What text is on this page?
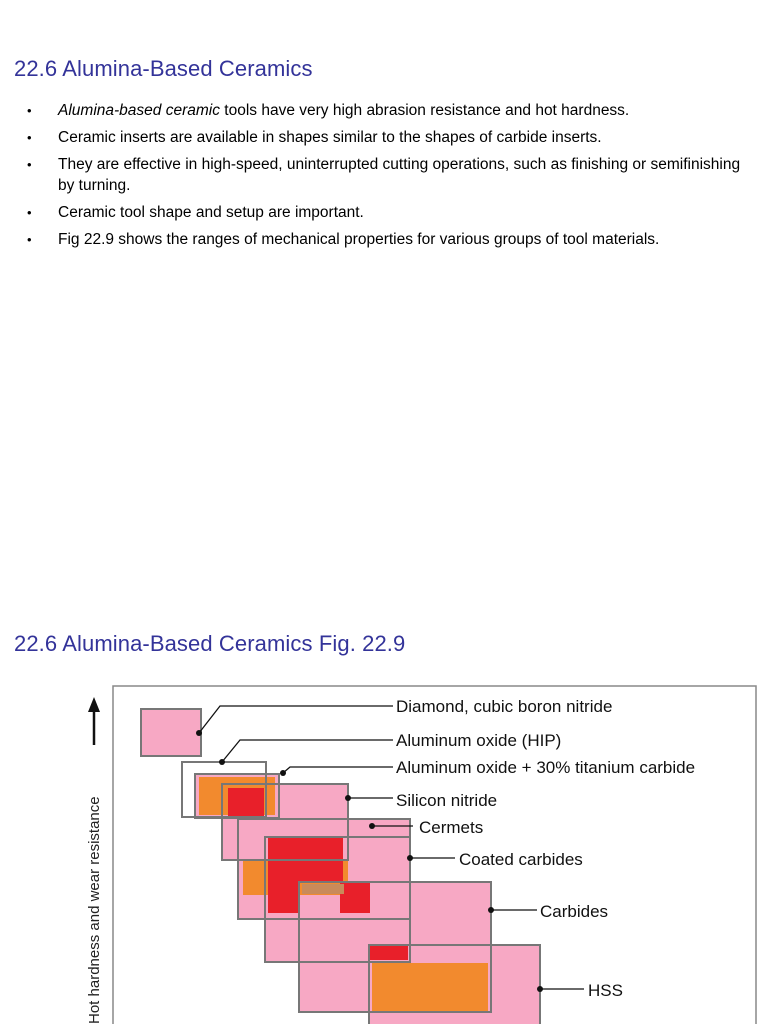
22.6 Alumina-Based Ceramics
• Alumina-based ceramic tools have very high abrasion resistance and hot hardness.
• Ceramic inserts are available in shapes similar to the shapes of carbide inserts.
• They are effective in high-speed, uninterrupted cutting operations, such as finishing or semifinishing by turning.
• Ceramic tool shape and setup are important.
• Fig 22.9 shows the ranges of mechanical properties for various groups of tool materials.
22.6 Alumina-Based Ceramics Fig. 22.9
Hot hardness and wear resistance
Diamond, cubic boron nitride
Aluminum oxide (HIP)
Aluminum oxide + 30% titanium carbide
Silicon nitride
Cermets
Coated carbides
Carbides
HSS
